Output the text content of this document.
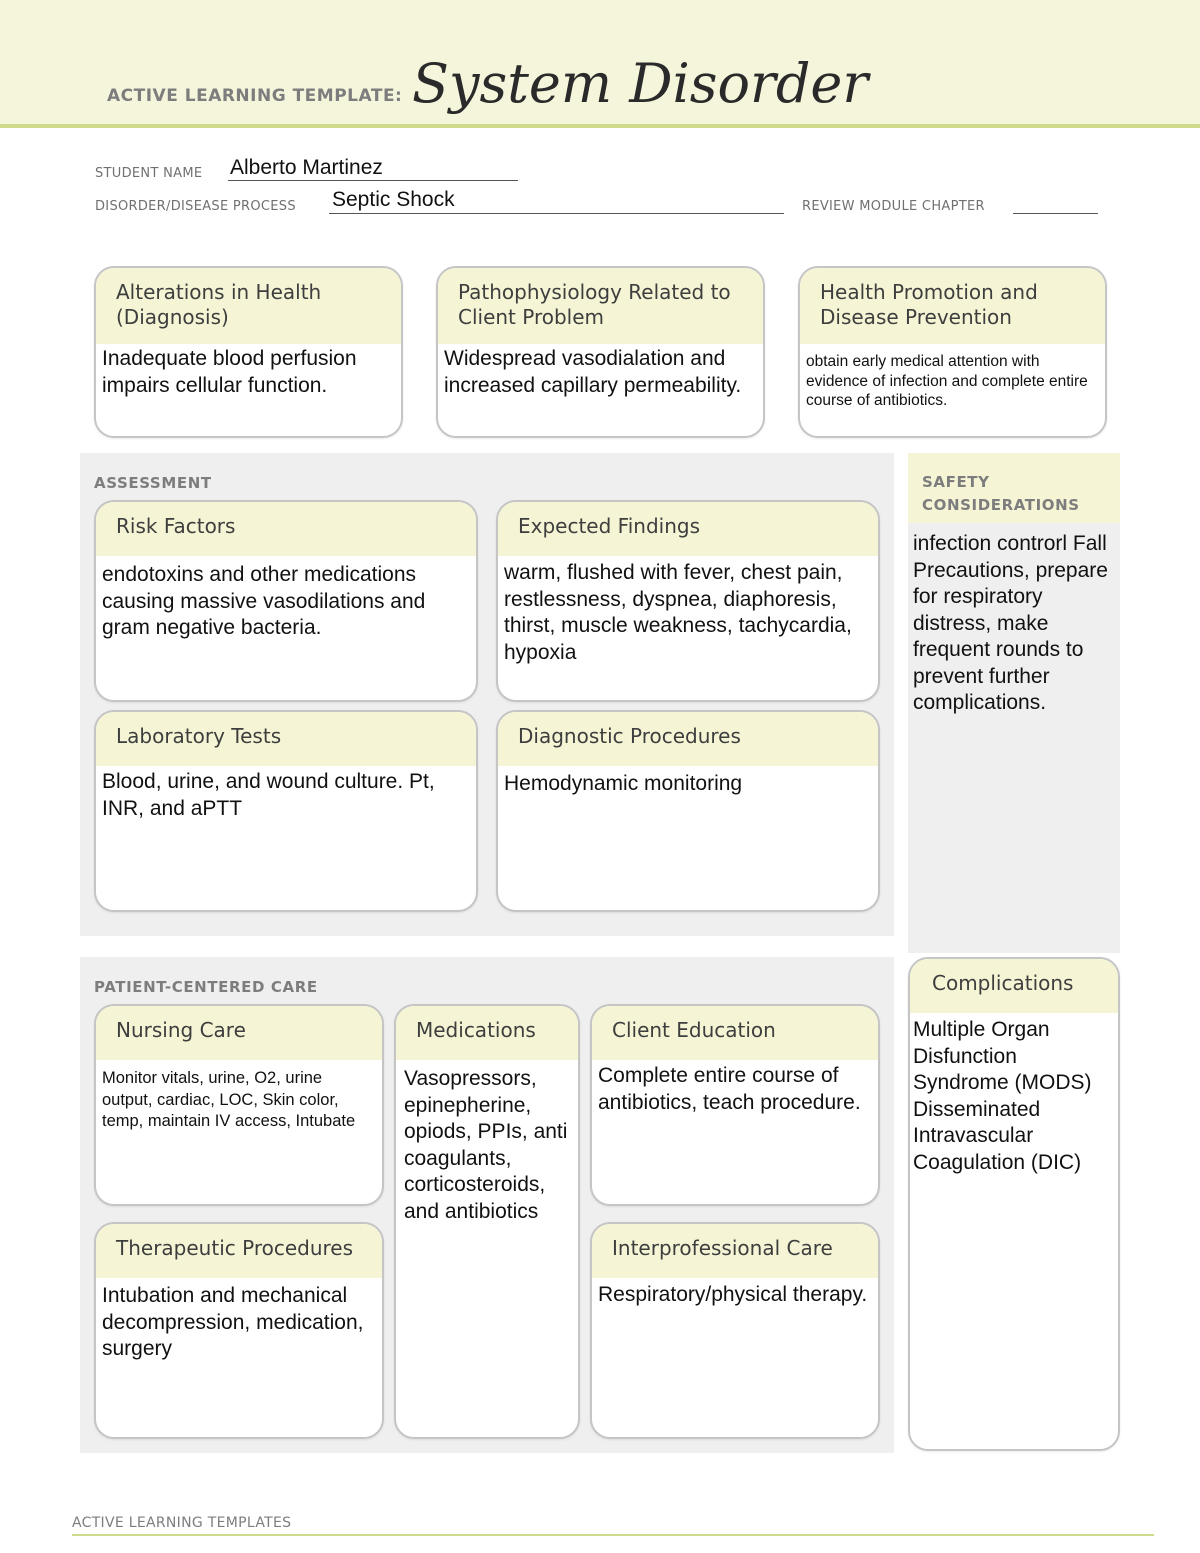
ACTIVE LEARNING TEMPLATE: System Disorder
STUDENT NAME Alberto Martinez
DISORDER/DISEASE PROCESS Septic Shock	REVIEW MODULE CHAPTER
Alterations in Health (Diagnosis)
Inadequate blood perfusion impairs cellular function.
Pathophysiology Related to Client Problem
Widespread vasodialation and increased capillary permeability.
Health Promotion and Disease Prevention
obtain early medical attention with evidence of infection and complete entire course of antibiotics.
ASSESSMENT
Risk Factors
endotoxins and other medications causing massive vasodilations and gram negative bacteria.
Expected Findings
warm, flushed with fever, chest pain, restlessness, dyspnea, diaphoresis, thirst, muscle weakness, tachycardia, hypoxia
Laboratory Tests
Blood, urine, and wound culture. Pt, INR, and aPTT
Diagnostic Procedures
Hemodynamic monitoring
SAFETY CONSIDERATIONS
infection controrl Fall Precautions, prepare for respiratory distress, make frequent rounds to prevent further complications.
PATIENT-CENTERED CARE
Nursing Care
Monitor vitals, urine, O2, urine output, cardiac, LOC, Skin color, temp, maintain IV access, Intubate
Medications
Vasopressors, epinepherine, opiods, PPIs, anti coagulants, corticosteroids, and antibiotics
Client Education
Complete entire course of antibiotics, teach procedure.
Therapeutic Procedures
Intubation and mechanical decompression, medication, surgery
Interprofessional Care
Respiratory/physical therapy.
Complications
Multiple Organ Disfunction Syndrome (MODS) Disseminated Intravascular Coagulation (DIC)
ACTIVE LEARNING TEMPLATES
